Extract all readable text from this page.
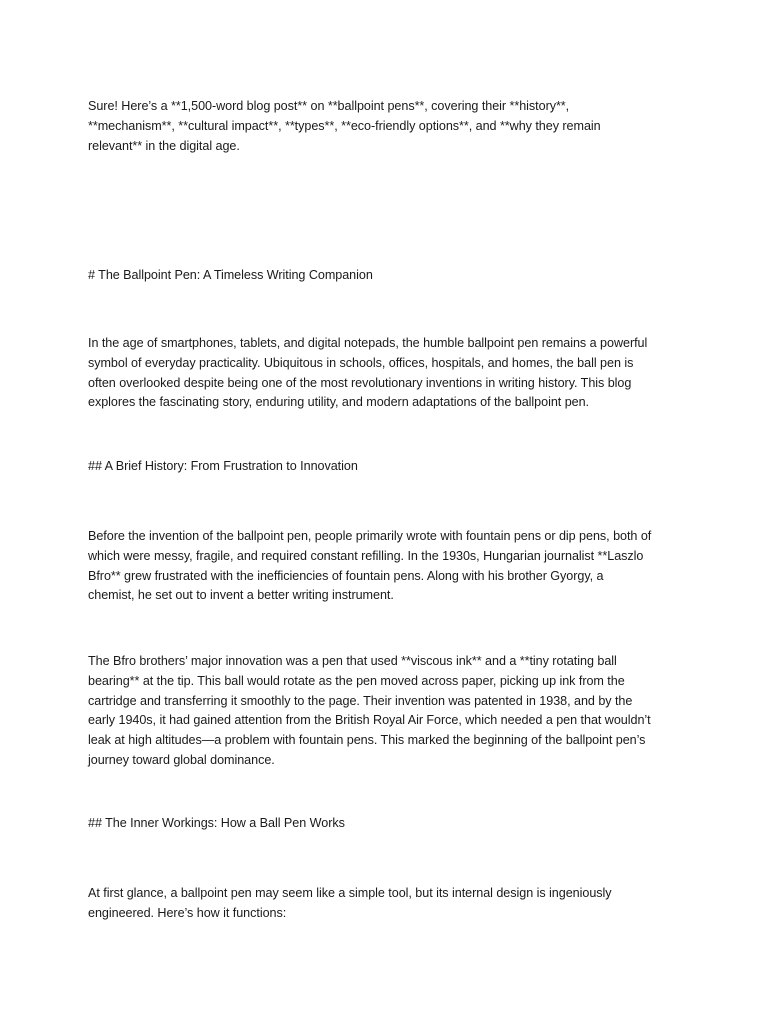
Sure! Here’s a **1,500-word blog post** on **ballpoint pens**, covering their **history**,
**mechanism**, **cultural impact**, **types**, **eco-friendly options**, and **why they remain
relevant** in the digital age.

# The Ballpoint Pen: A Timeless Writing Companion

In the age of smartphones, tablets, and digital notepads, the humble ballpoint pen remains a powerful
symbol of everyday practicality. Ubiquitous in schools, offices, hospitals, and homes, the ball pen is
often overlooked despite being one of the most revolutionary inventions in writing history. This blog
explores the fascinating story, enduring utility, and modern adaptations of the ballpoint pen.

## A Brief History: From Frustration to Innovation

Before the invention of the ballpoint pen, people primarily wrote with fountain pens or dip pens, both of
which were messy, fragile, and required constant refilling. In the 1930s, Hungarian journalist **Laszlo
Bfro** grew frustrated with the inefficiencies of fountain pens. Along with his brother Gyorgy, a
chemist, he set out to invent a better writing instrument.

The Bfro brothers’ major innovation was a pen that used **viscous ink** and a **tiny rotating ball
bearing** at the tip. This ball would rotate as the pen moved across paper, picking up ink from the
cartridge and transferring it smoothly to the page. Their invention was patented in 1938, and by the
early 1940s, it had gained attention from the British Royal Air Force, which needed a pen that wouldn’t
leak at high altitudes—a problem with fountain pens. This marked the beginning of the ballpoint pen’s
journey toward global dominance.

## The Inner Workings: How a Ball Pen Works

At first glance, a ballpoint pen may seem like a simple tool, but its internal design is ingeniously
engineered. Here’s how it functions:
